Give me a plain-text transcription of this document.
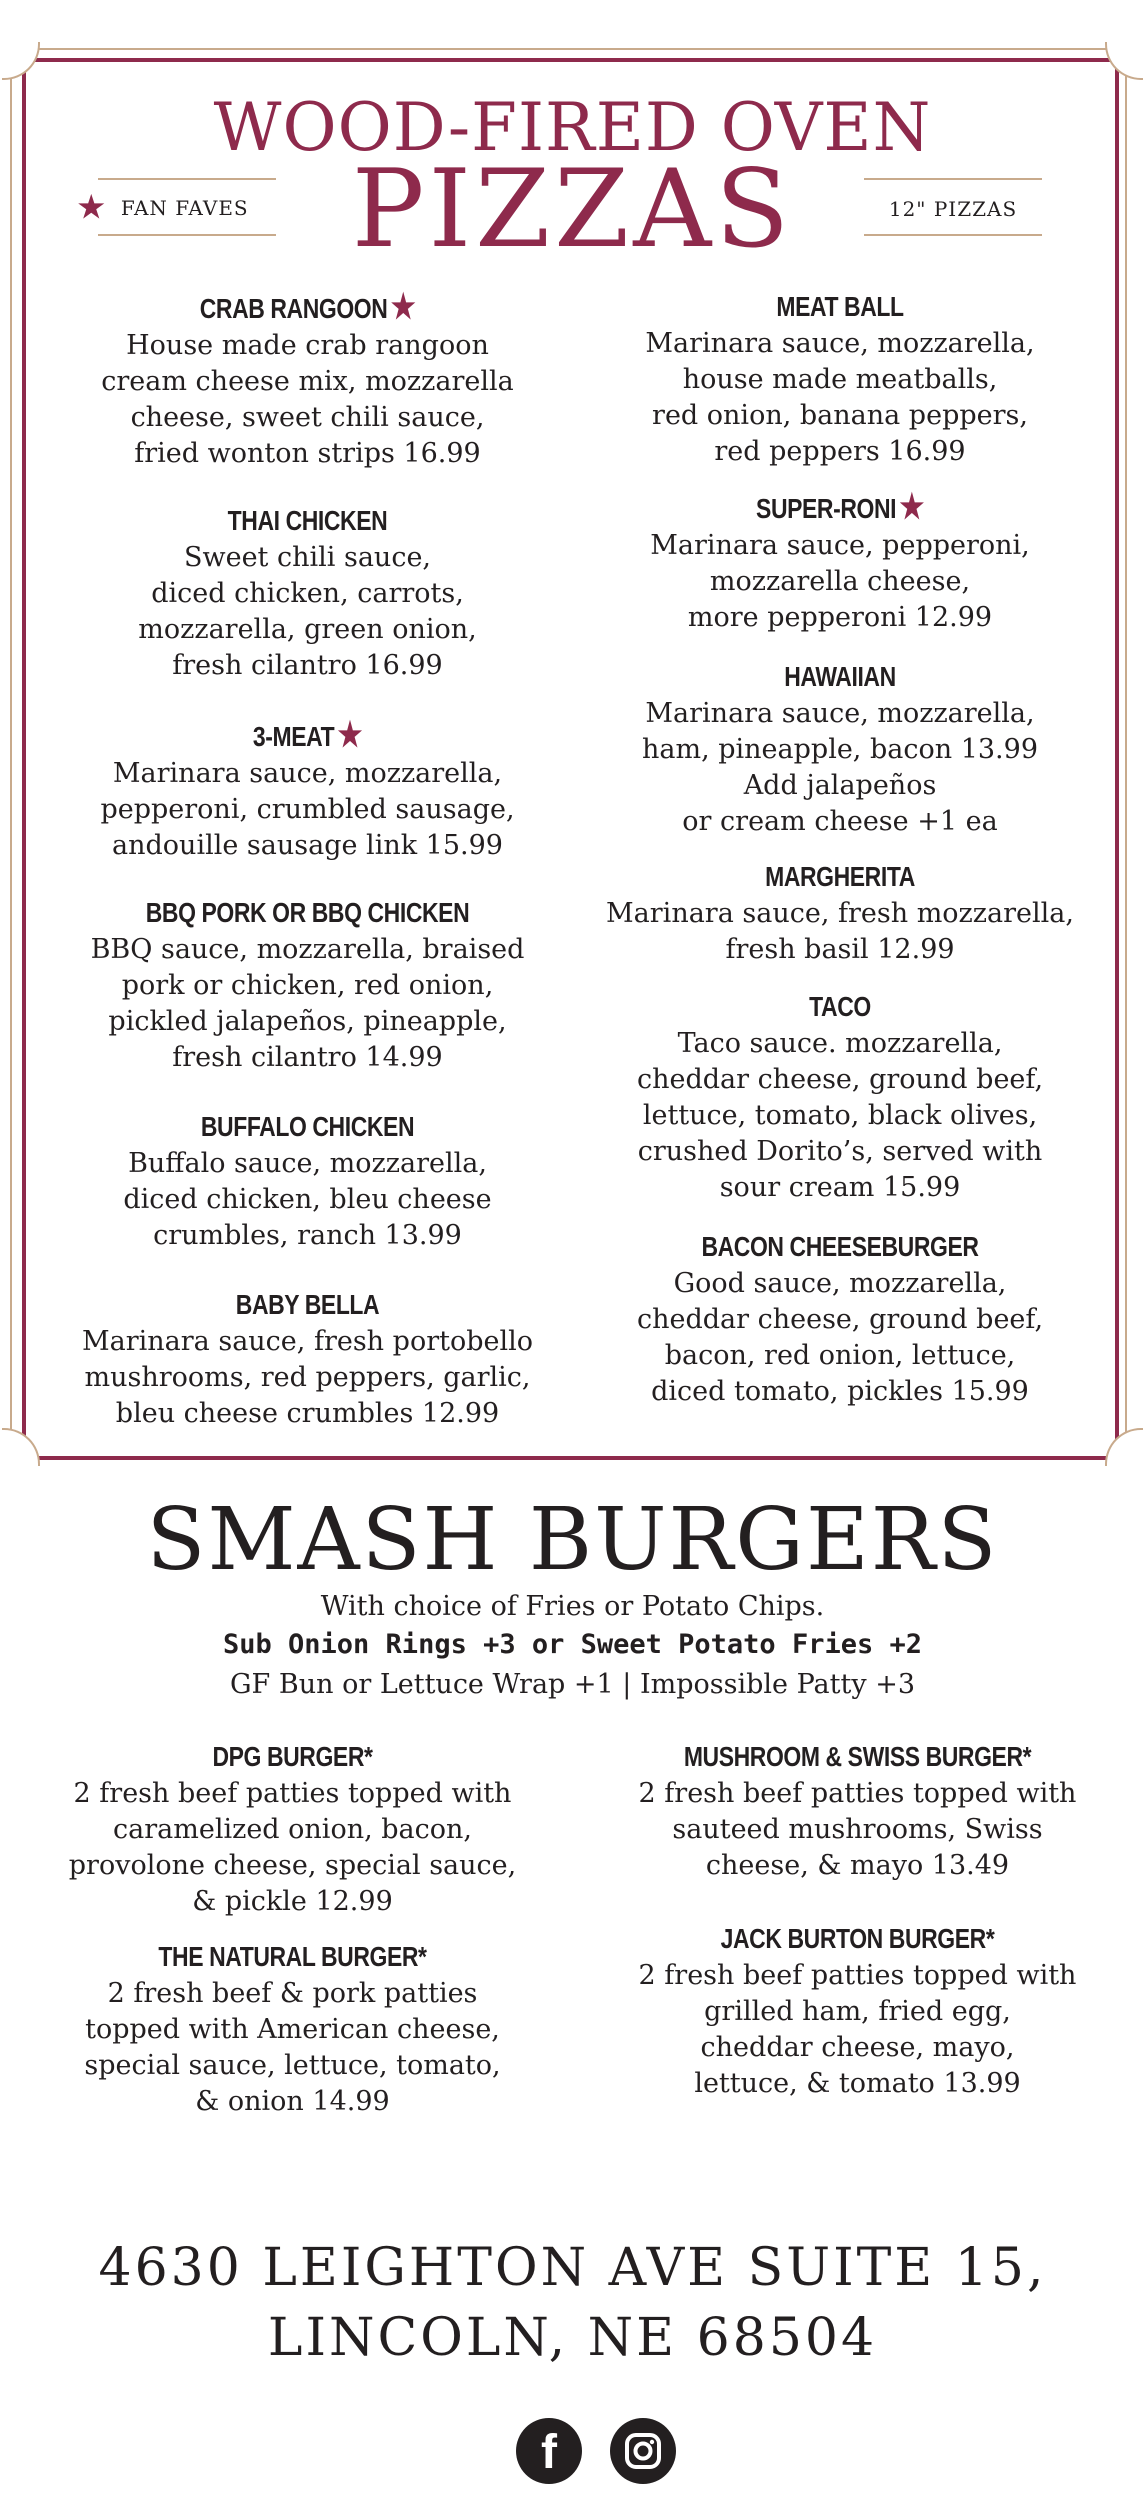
WOOD-FIRED OVEN
PIZZAS
★ FAN FAVES	12" PIZZAS
CRAB RANGOON★
House made crab rangoon
cream cheese mix, mozzarella
cheese, sweet chili sauce,
fried wonton strips 16.99
THAI CHICKEN
Sweet chili sauce,
diced chicken, carrots,
mozzarella, green onion,
fresh cilantro 16.99
3-MEAT★
Marinara sauce, mozzarella,
pepperoni, crumbled sausage,
andouille sausage link 15.99
BBQ PORK OR BBQ CHICKEN
BBQ sauce, mozzarella, braised
pork or chicken, red onion,
pickled jalapeños, pineapple,
fresh cilantro 14.99
BUFFALO CHICKEN
Buffalo sauce, mozzarella,
diced chicken, bleu cheese
crumbles, ranch 13.99
BABY BELLA
Marinara sauce, fresh portobello
mushrooms, red peppers, garlic,
bleu cheese crumbles 12.99
MEAT BALL
Marinara sauce, mozzarella,
house made meatballs,
red onion, banana peppers,
red peppers 16.99
SUPER-RONI★
Marinara sauce, pepperoni,
mozzarella cheese,
more pepperoni 12.99
HAWAIIAN
Marinara sauce, mozzarella,
ham, pineapple, bacon 13.99
Add jalapeños
or cream cheese +1 ea
MARGHERITA
Marinara sauce, fresh mozzarella,
fresh basil 12.99
TACO
Taco sauce. mozzarella,
cheddar cheese, ground beef,
lettuce, tomato, black olives,
crushed Dorito’s, served with
sour cream 15.99
BACON CHEESEBURGER
Good sauce, mozzarella,
cheddar cheese, ground beef,
bacon, red onion, lettuce,
diced tomato, pickles 15.99
SMASH BURGERS
With choice of Fries or Potato Chips.
Sub Onion Rings +3 or Sweet Potato Fries +2
GF Bun or Lettuce Wrap +1 | Impossible Patty +3
DPG BURGER*
2 fresh beef patties topped with
caramelized onion, bacon,
provolone cheese, special sauce,
& pickle 12.99
THE NATURAL BURGER*
2 fresh beef & pork patties
topped with American cheese,
special sauce, lettuce, tomato,
& onion 14.99
MUSHROOM & SWISS BURGER*
2 fresh beef patties topped with
sauteed mushrooms, Swiss
cheese, & mayo 13.49
JACK BURTON BURGER*
2 fresh beef patties topped with
grilled ham, fried egg,
cheddar cheese, mayo,
lettuce, & tomato 13.99
4630 LEIGHTON AVE SUITE 15,
LINCOLN, NE 68504
f
